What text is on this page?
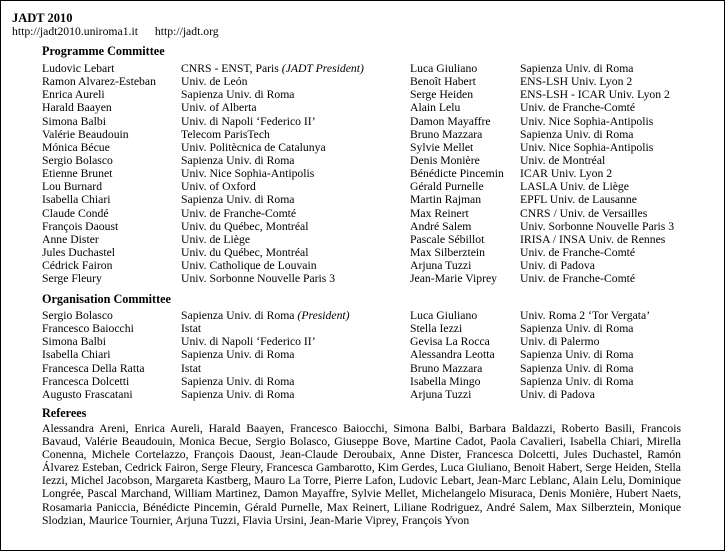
JADT 2010
http://jadt2010.uniroma1.it http://jadt.org
Programme Committee
Ludovic Lebart	CNRS - ENST, Paris (JADT President)	Luca Giuliano	Sapienza Univ. di Roma
Ramon Alvarez-Esteban	Univ. de León	Benoît Habert	ENS-LSH Univ. Lyon 2
Enrica Aureli	Sapienza Univ. di Roma	Serge Heiden	ENS-LSH - ICAR Univ. Lyon 2
Harald Baayen	Univ. of Alberta	Alain Lelu	Univ. de Franche-Comté
Simona Balbi	Univ. di Napoli ‘Federico II’	Damon Mayaffre	Univ. Nice Sophia-Antipolis
Valérie Beaudouin	Telecom ParisTech	Bruno Mazzara	Sapienza Univ. di Roma
Mónica Bécue	Univ. Politècnica de Catalunya	Sylvie Mellet	Univ. Nice Sophia-Antipolis
Sergio Bolasco	Sapienza Univ. di Roma	Denis Monière	Univ. de Montréal
Etienne Brunet	Univ. Nice Sophia-Antipolis	Bénédicte Pincemin	ICAR Univ. Lyon 2
Lou Burnard	Univ. of Oxford	Gérald Purnelle	LASLA Univ. de Liège
Isabella Chiari	Sapienza Univ. di Roma	Martin Rajman	EPFL Univ. de Lausanne
Claude Condé	Univ. de Franche-Comté	Max Reinert	CNRS / Univ. de Versailles
François Daoust	Univ. du Québec, Montréal	André Salem	Univ. Sorbonne Nouvelle Paris 3
Anne Dister	Univ. de Liège	Pascale Sébillot	IRISA / INSA Univ. de Rennes
Jules Duchastel	Univ. du Québec, Montréal	Max Silberztein	Univ. de Franche-Comté
Cédrick Fairon	Univ. Catholique de Louvain	Arjuna Tuzzi	Univ. di Padova
Serge Fleury	Univ. Sorbonne Nouvelle Paris 3	Jean-Marie Viprey	Univ. de Franche-Comté
Organisation Committee
Sergio Bolasco	Sapienza Univ. di Roma (President)	Luca Giuliano	Univ. Roma 2 ‘Tor Vergata’
Francesco Baiocchi	Istat	Stella Iezzi	Sapienza Univ. di Roma
Simona Balbi	Univ. di Napoli ‘Federico II’	Gevisa La Rocca	Univ. di Palermo
Isabella Chiari	Sapienza Univ. di Roma	Alessandra Leotta	Sapienza Univ. di Roma
Francesca Della Ratta	Istat	Bruno Mazzara	Sapienza Univ. di Roma
Francesca Dolcetti	Sapienza Univ. di Roma	Isabella Mingo	Sapienza Univ. di Roma
Augusto Frascatani	Sapienza Univ. di Roma	Arjuna Tuzzi	Univ. di Padova
Referees
Alessandra Areni, Enrica Aureli, Harald Baayen, Francesco Baiocchi, Simona Balbi, Barbara Baldazzi, Roberto Basili, Francois Bavaud, Valérie Beaudouin, Monica Becue, Sergio Bolasco, Giuseppe Bove, Martine Cadot, Paola Cavalieri, Isabella Chiari, Mirella Conenna, Michele Cortelazzo, François Daoust, Jean-Claude Deroubaix, Anne Dister, Francesca Dolcetti, Jules Duchastel, Ramón Álvarez Esteban, Cedrick Fairon, Serge Fleury, Francesca Gambarotto, Kim Gerdes, Luca Giuliano, Benoit Habert, Serge Heiden, Stella Iezzi, Michel Jacobson, Margareta Kastberg, Mauro La Torre, Pierre Lafon, Ludovic Lebart, Jean-Marc Leblanc, Alain Lelu, Dominique Longrée, Pascal Marchand, William Martinez, Damon Mayaffre, Sylvie Mellet, Michelangelo Misuraca, Denis Monière, Hubert Naets, Rosamaria Paniccia, Bénédicte Pincemin, Gérald Purnelle, Max Reinert, Liliane Rodriguez, André Salem, Max Silberztein, Monique Slodzian, Maurice Tournier, Arjuna Tuzzi, Flavia Ursini, Jean-Marie Viprey, François Yvon
